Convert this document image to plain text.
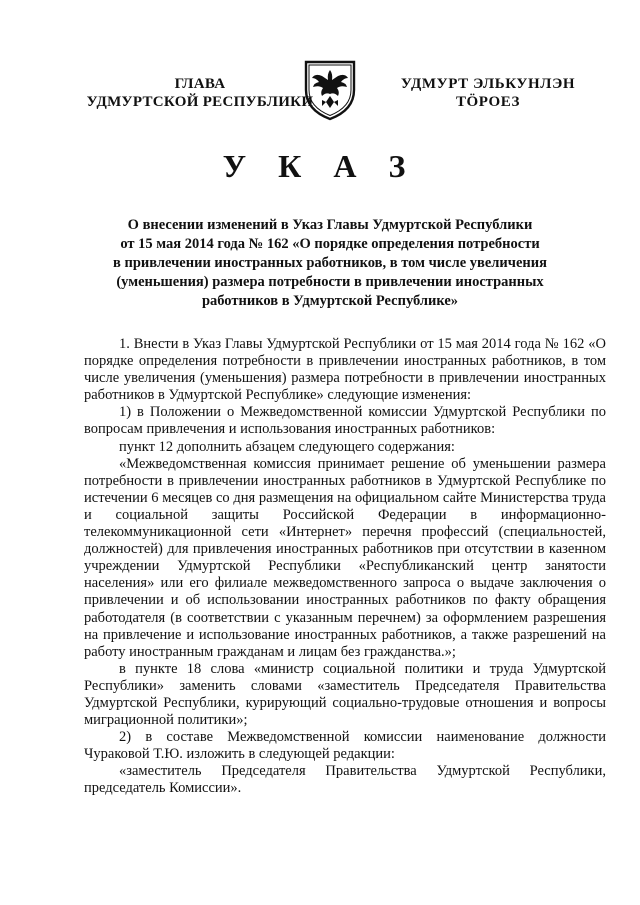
ГЛАВА
УДМУРТСКОЙ РЕСПУБЛИКИ
УДМУРТ ЭЛЬКУНЛЭН
ТӦРОЕЗ
У К А З
О внесении изменений в Указ Главы Удмуртской Республики
от 15 мая 2014 года № 162 «О порядке определения потребности
в привлечении иностранных работников, в том числе увеличения
(уменьшения) размера потребности в привлечении иностранных
работников в Удмуртской Республике»

1. Внести в Указ Главы Удмуртской Республики от 15 мая 2014 года № 162 «О порядке определения потребности в привлечении иностранных работников, в том числе увеличения (уменьшения) размера потребности в привлечении иностранных работников в Удмуртской Республике» следующие изменения:

1) в Положении о Межведомственной комиссии Удмуртской Республики по вопросам привлечения и использования иностранных работников:

пункт 12 дополнить абзацем следующего содержания:

«Межведомственная комиссия принимает решение об уменьшении размера потребности в привлечении иностранных работников в Удмуртской Республике по истечении 6 месяцев со дня размещения на официальном сайте Министерства труда и социальной защиты Российской Федерации в информационно-телекоммуникационной сети «Интернет» перечня профессий (специальностей, должностей) для привлечения иностранных работников при отсутствии в казенном учреждении Удмуртской Республики «Республиканский центр занятости населения» или его филиале межведомственного запроса о выдаче заключения о привлечении и об использовании иностранных работников по факту обращения работодателя (в соответствии с указанным перечнем) за оформлением разрешения на привлечение и использование иностранных работников, а также разрешений на работу иностранным гражданам и лицам без гражданства.»;

в пункте 18 слова «министр социальной политики и труда Удмуртской Республики» заменить словами «заместитель Председателя Правительства Удмуртской Республики, курирующий социально-трудовые отношения и вопросы миграционной политики»;

2) в составе Межведомственной комиссии наименование должности Чураковой Т.Ю. изложить в следующей редакции:

«заместитель Председателя Правительства Удмуртской Республики, председатель Комиссии».
